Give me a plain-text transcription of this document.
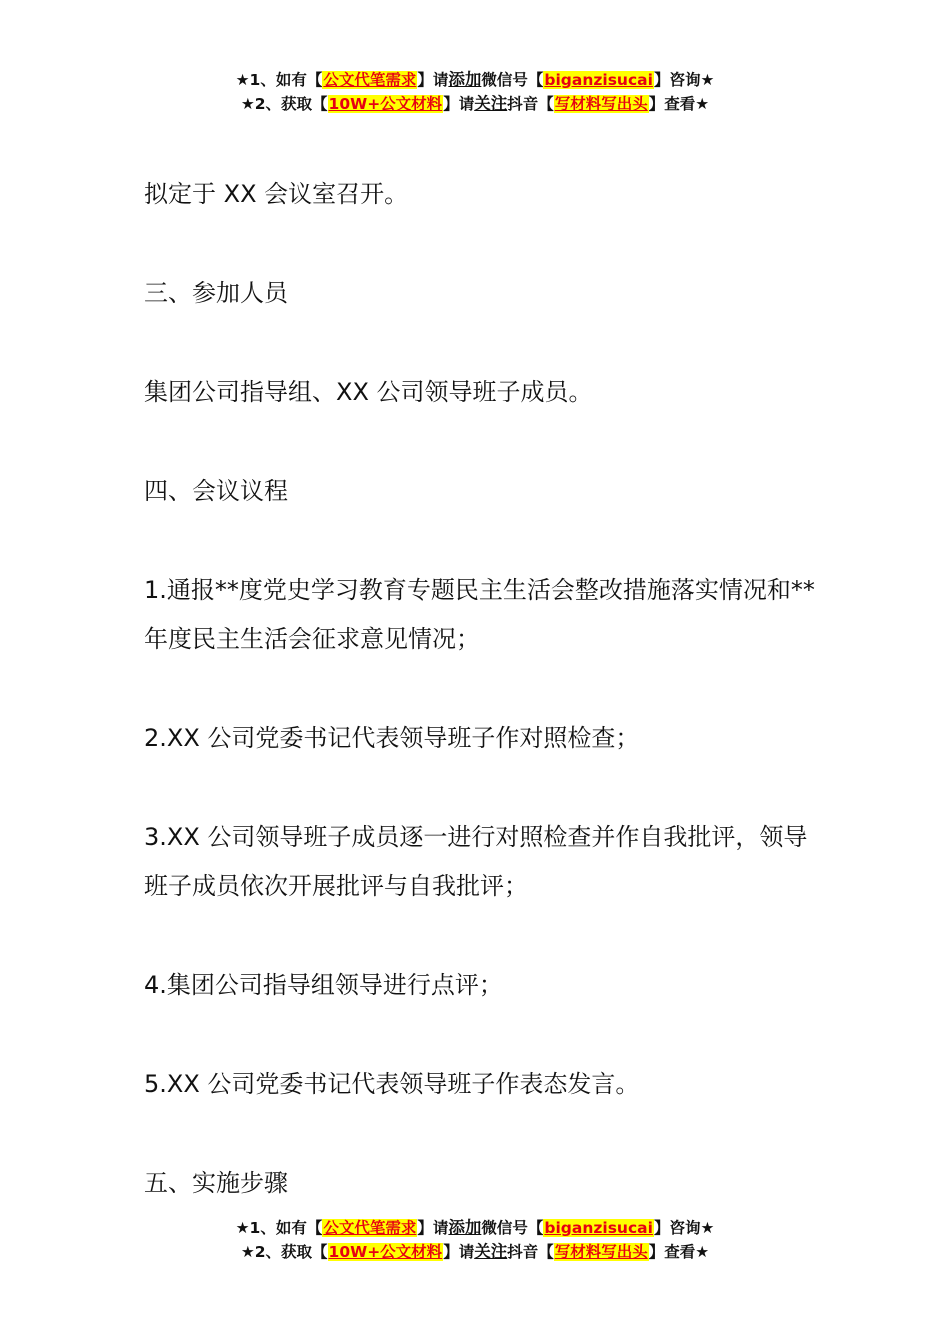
★1、如有【公文代笔需求】请添加微信号【biganzisucai】咨询★
★2、获取【10W+公文材料】请关注抖音【写材料写出头】查看★

拟定于 XX 会议室召开。

三、参加人员

集团公司指导组、XX 公司领导班子成员。

四、会议议程

1.通报**度党史学习教育专题民主生活会整改措施落实情况和**年度民主生活会征求意见情况；

2.XX 公司党委书记代表领导班子作对照检查；

3.XX 公司领导班子成员逐一进行对照检查并作自我批评，领导班子成员依次开展批评与自我批评；

4.集团公司指导组领导进行点评；

5.XX 公司党委书记代表领导班子作表态发言。

五、实施步骤

★1、如有【公文代笔需求】请添加微信号【biganzisucai】咨询★
★2、获取【10W+公文材料】请关注抖音【写材料写出头】查看★
